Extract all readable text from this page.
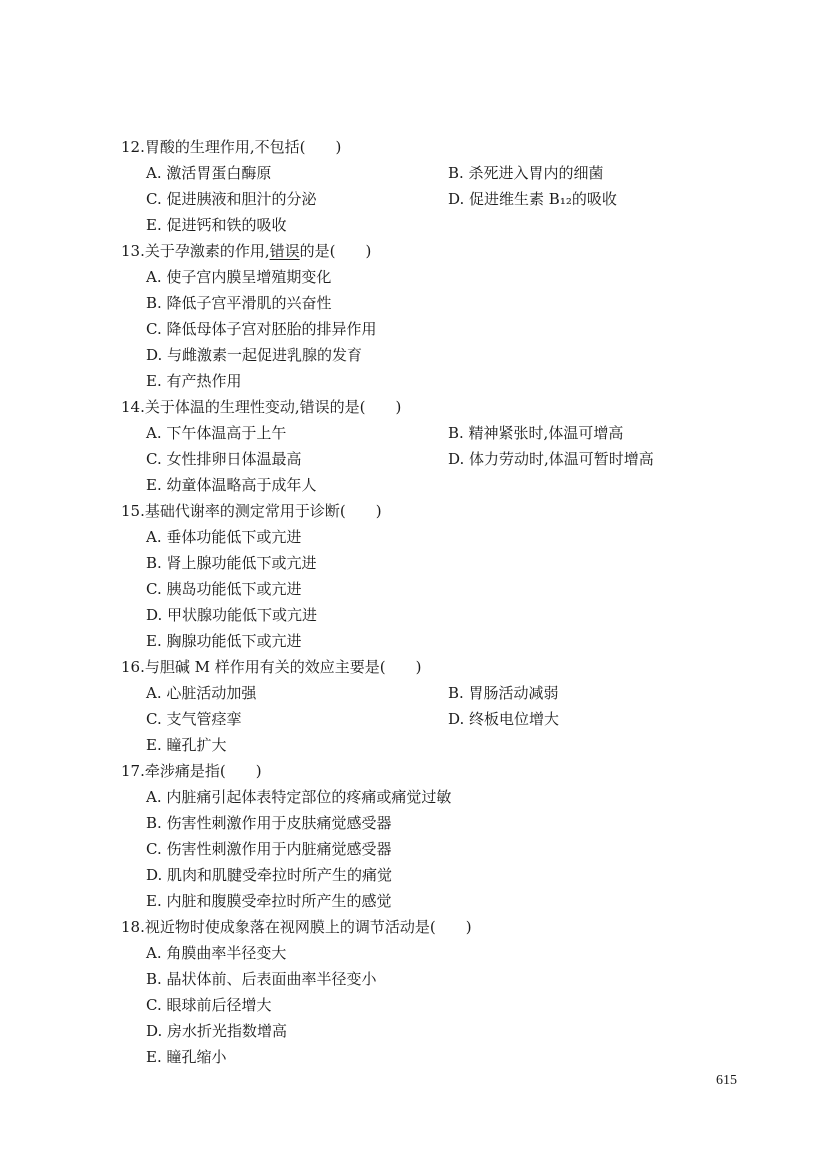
12.胃酸的生理作用,不包括(　　)
A. 激活胃蛋白酶原	B. 杀死进入胃内的细菌
C. 促进胰液和胆汁的分泌	D. 促进维生素 B₁₂的吸收
E. 促进钙和铁的吸收
13.关于孕激素的作用,错误的是(　　)
A. 使子宫内膜呈增殖期变化
B. 降低子宫平滑肌的兴奋性
C. 降低母体子宫对胚胎的排异作用
D. 与雌激素一起促进乳腺的发育
E. 有产热作用
14.关于体温的生理性变动,错误的是(　　)
A. 下午体温高于上午	B. 精神紧张时,体温可增高
C. 女性排卵日体温最高	D. 体力劳动时,体温可暂时增高
E. 幼童体温略高于成年人
15.基础代谢率的测定常用于诊断(　　)
A. 垂体功能低下或亢进
B. 肾上腺功能低下或亢进
C. 胰岛功能低下或亢进
D. 甲状腺功能低下或亢进
E. 胸腺功能低下或亢进
16.与胆碱 M 样作用有关的效应主要是(　　)
A. 心脏活动加强	B. 胃肠活动减弱
C. 支气管痉挛	D. 终板电位增大
E. 瞳孔扩大
17.牵涉痛是指(　　)
A. 内脏痛引起体表特定部位的疼痛或痛觉过敏
B. 伤害性刺激作用于皮肤痛觉感受器
C. 伤害性刺激作用于内脏痛觉感受器
D. 肌肉和肌腱受牵拉时所产生的痛觉
E. 内脏和腹膜受牵拉时所产生的感觉
18.视近物时使成象落在视网膜上的调节活动是(　　)
A. 角膜曲率半径变大
B. 晶状体前、后表面曲率半径变小
C. 眼球前后径增大
D. 房水折光指数增高
E. 瞳孔缩小
615
